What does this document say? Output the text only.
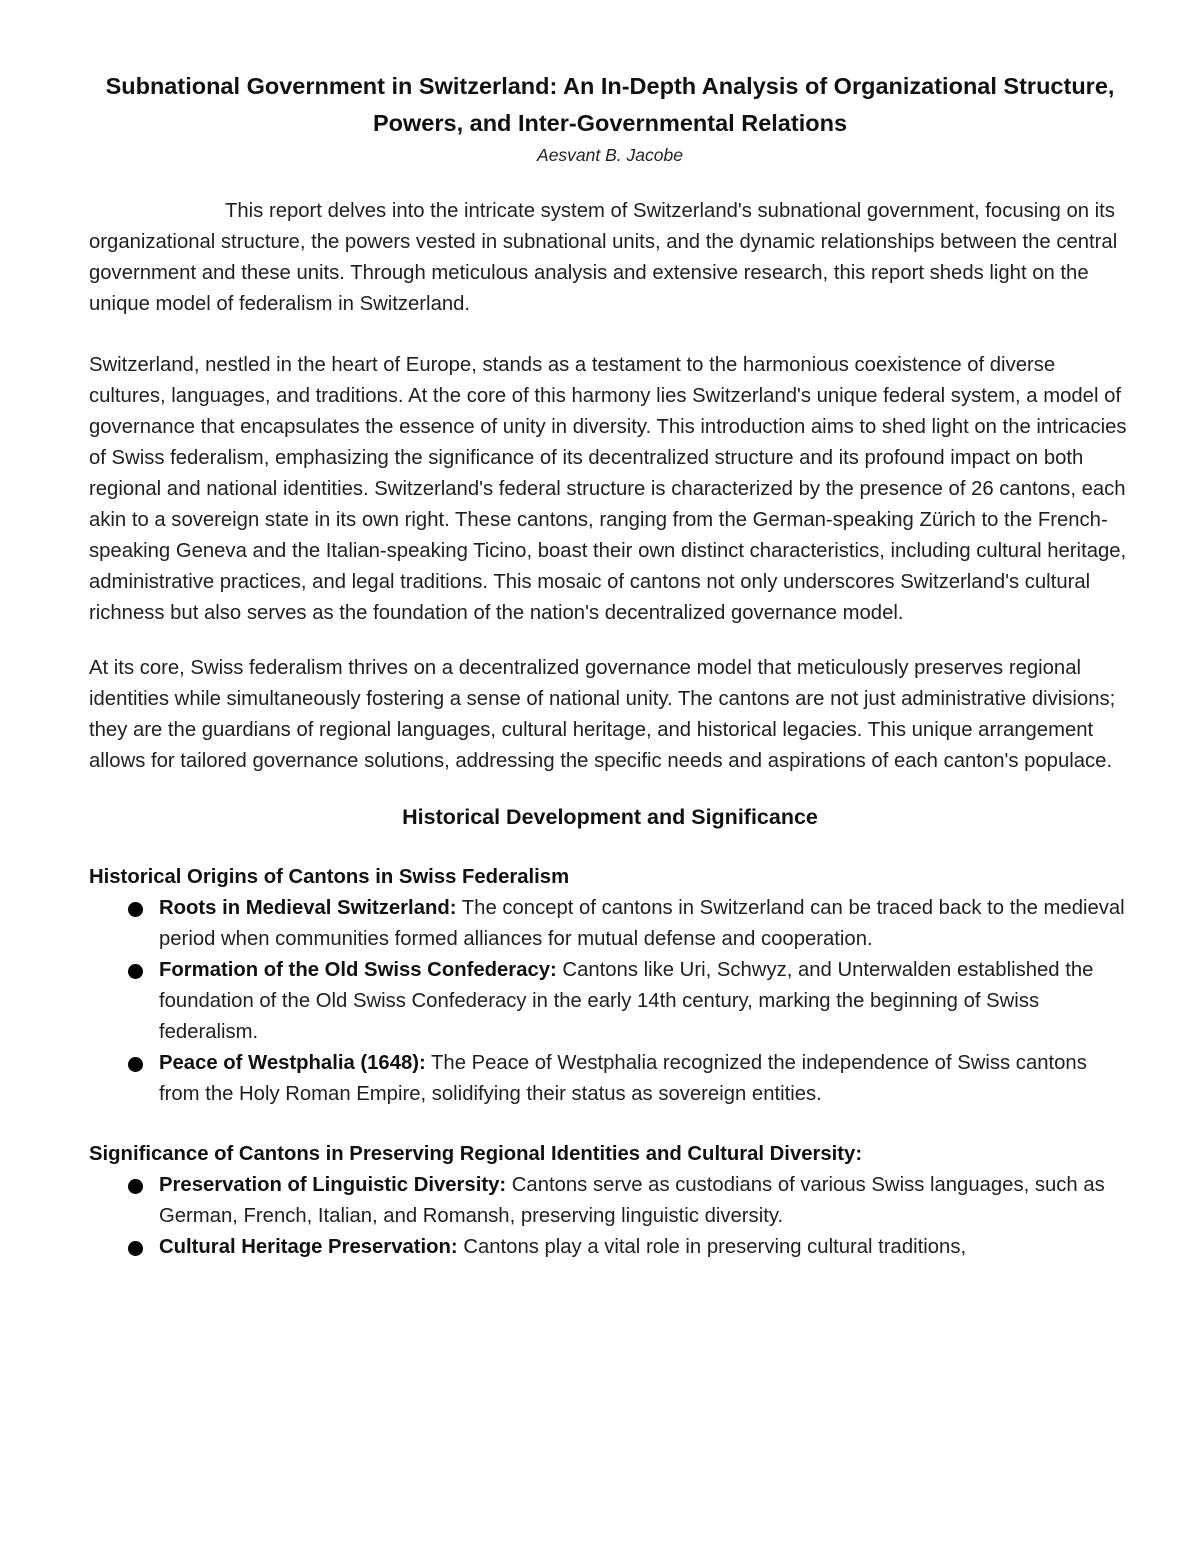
Subnational Government in Switzerland: An In-Depth Analysis of Organizational Structure, Powers, and Inter-Governmental Relations
Aesvant B. Jacobe

This report delves into the intricate system of Switzerland's subnational government, focusing on its organizational structure, the powers vested in subnational units, and the dynamic relationships between the central government and these units. Through meticulous analysis and extensive research, this report sheds light on the unique model of federalism in Switzerland.

Switzerland, nestled in the heart of Europe, stands as a testament to the harmonious coexistence of diverse cultures, languages, and traditions. At the core of this harmony lies Switzerland's unique federal system, a model of governance that encapsulates the essence of unity in diversity. This introduction aims to shed light on the intricacies of Swiss federalism, emphasizing the significance of its decentralized structure and its profound impact on both regional and national identities. Switzerland's federal structure is characterized by the presence of 26 cantons, each akin to a sovereign state in its own right. These cantons, ranging from the German-speaking Zürich to the French-speaking Geneva and the Italian-speaking Ticino, boast their own distinct characteristics, including cultural heritage, administrative practices, and legal traditions. This mosaic of cantons not only underscores Switzerland's cultural richness but also serves as the foundation of the nation's decentralized governance model.

At its core, Swiss federalism thrives on a decentralized governance model that meticulously preserves regional identities while simultaneously fostering a sense of national unity. The cantons are not just administrative divisions; they are the guardians of regional languages, cultural heritage, and historical legacies. This unique arrangement allows for tailored governance solutions, addressing the specific needs and aspirations of each canton's populace.

Historical Development and Significance
Historical Origins of Cantons in Swiss Federalism
Roots in Medieval Switzerland: The concept of cantons in Switzerland can be traced back to the medieval period when communities formed alliances for mutual defense and cooperation.
Formation of the Old Swiss Confederacy: Cantons like Uri, Schwyz, and Unterwalden established the foundation of the Old Swiss Confederacy in the early 14th century, marking the beginning of Swiss federalism.
Peace of Westphalia (1648): The Peace of Westphalia recognized the independence of Swiss cantons from the Holy Roman Empire, solidifying their status as sovereign entities.
Significance of Cantons in Preserving Regional Identities and Cultural Diversity:
Preservation of Linguistic Diversity: Cantons serve as custodians of various Swiss languages, such as German, French, Italian, and Romansh, preserving linguistic diversity.
Cultural Heritage Preservation: Cantons play a vital role in preserving cultural traditions,
